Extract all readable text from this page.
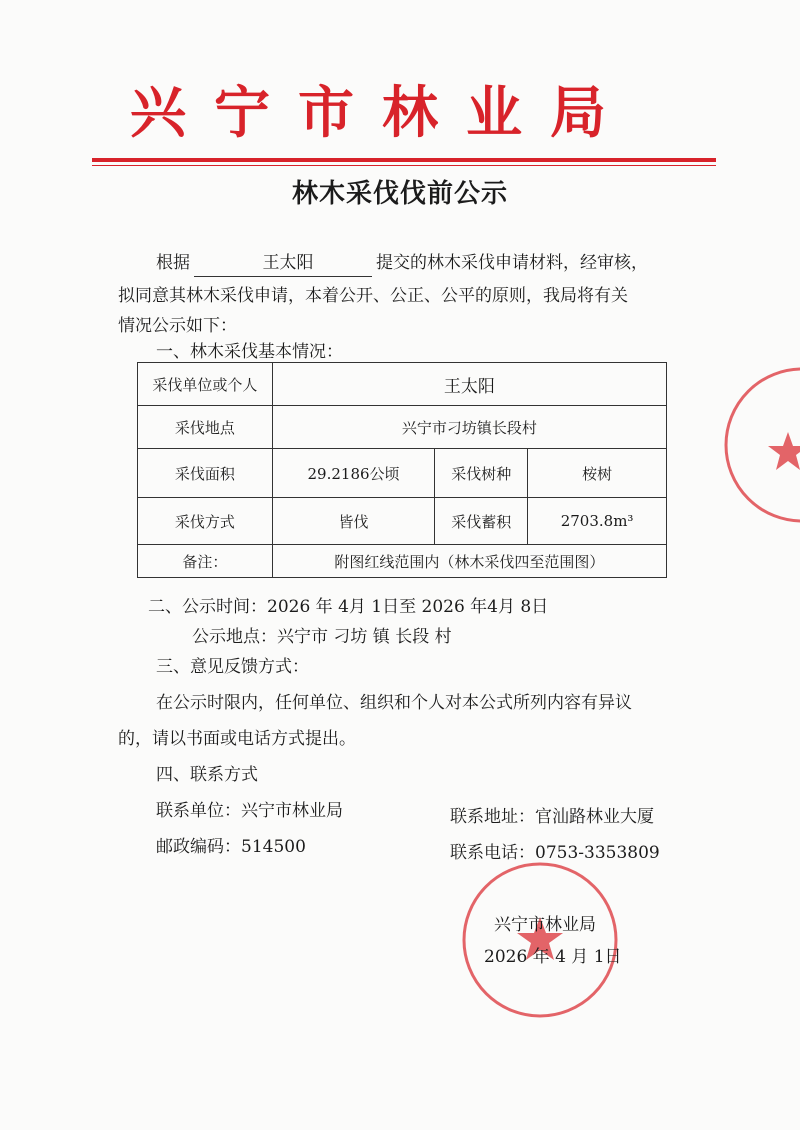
兴宁市林业局
林木采伐伐前公示
根据	王太阳	提交的林木采伐申请材料，经审核，
拟同意其林木采伐申请，本着公开、公正、公平的原则，我局将有关
情况公示如下：
一、林木采伐基本情况：
采伐单位或个人	王太阳		
采伐地点	兴宁市刁坊镇长段村		
采伐面积	29.2186公顷	采伐树种	桉树
采伐方式	皆伐	采伐蓄积	2703.8m³
备注：	附图红线范围内（林木采伐四至范围图）		
二、公示时间：2026 年 4月 1日至 2026 年4月 8日
公示地点：兴宁市 刁坊 镇 长段 村
三、意见反馈方式：
在公示时限内，任何单位、组织和个人对本公式所列内容有异议
的，请以书面或电话方式提出。
四、联系方式
联系单位：兴宁市林业局	联系地址：官汕路林业大厦
邮政编码：514500	联系电话：0753-3353809
兴宁市林业局
2026 年 4 月 1日
